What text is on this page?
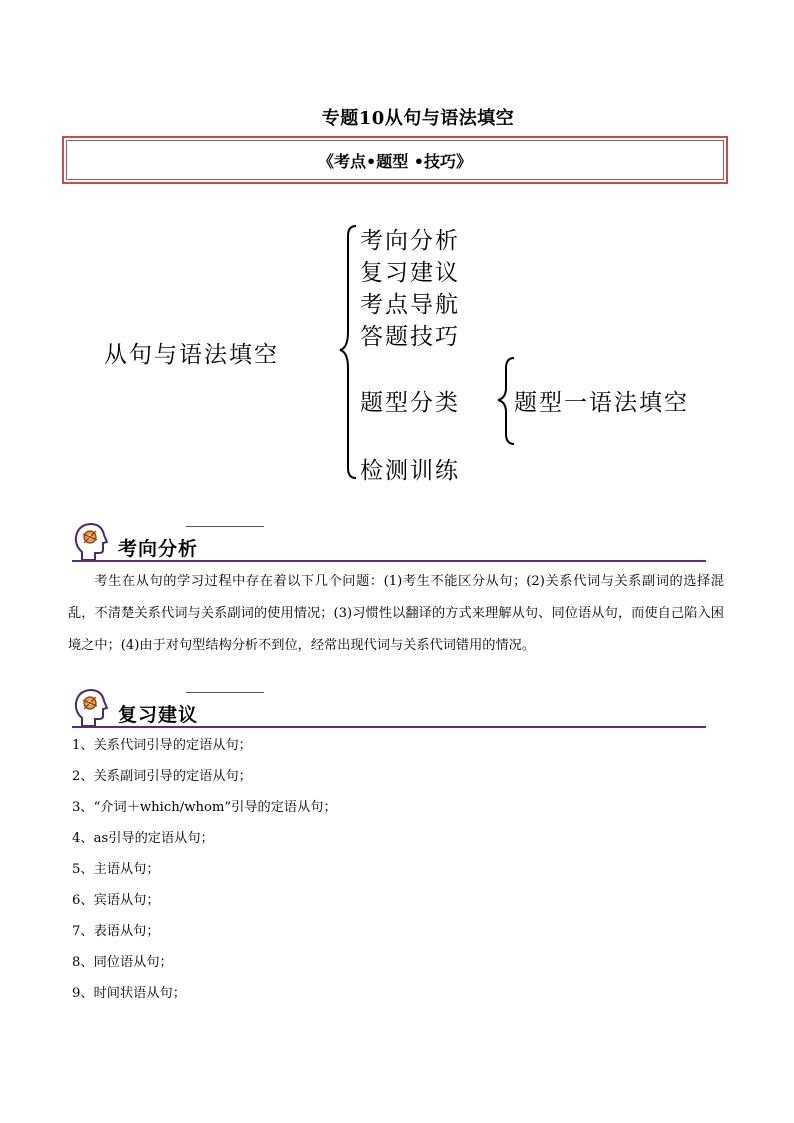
专题10从句与语法填空
《考点•题型 •技巧》
从句与语法填空
考向分析
复习建议
考点导航
答题技巧
题型分类
检测训练
题型一语法填空
考向分析
考生在从句的学习过程中存在着以下几个问题：(1)考生不能区分从句；(2)关系代词与关系副词的选择混乱，不清楚关系代词与关系副词的使用情况；(3)习惯性以翻译的方式来理解从句、同位语从句，而使自己陷入困境之中；(4)由于对句型结构分析不到位，经常出现代词与关系代词错用的情况。
复习建议
1、关系代词引导的定语从句；
2、关系副词引导的定语从句；
3、“介词＋which/whom”引导的定语从句；
4、as引导的定语从句；
5、主语从句；
6、宾语从句；
7、表语从句；
8、同位语从句；
9、时间状语从句；
